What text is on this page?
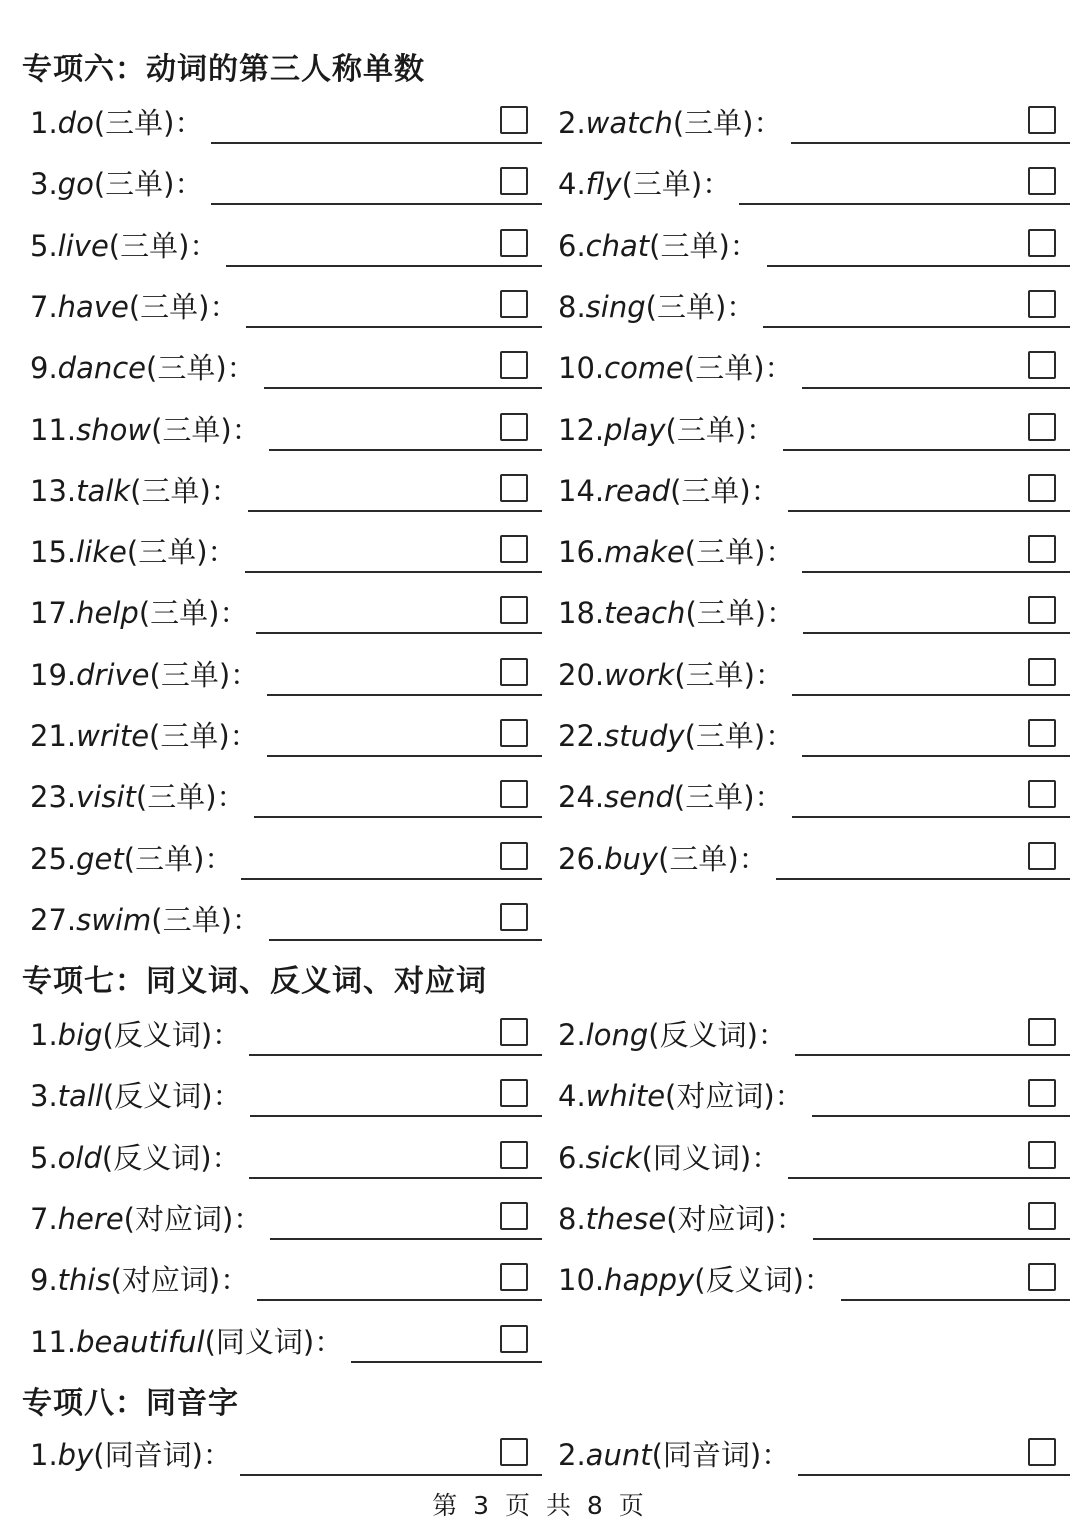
专项六：动词的第三人称单数
1.do(三单)：	2.watch(三单)：
3.go(三单)：	4.fly(三单)：
5.live(三单)：	6.chat(三单)：
7.have(三单)：	8.sing(三单)：
9.dance(三单)：	10.come(三单)：
11.show(三单)：	12.play(三单)：
13.talk(三单)：	14.read(三单)：
15.like(三单)：	16.make(三单)：
17.help(三单)：	18.teach(三单)：
19.drive(三单)：	20.work(三单)：
21.write(三单)：	22.study(三单)：
23.visit(三单)：	24.send(三单)：
25.get(三单)：	26.buy(三单)：
27.swim(三单)：
专项七：同义词、反义词、对应词
1.big(反义词)：	2.long(反义词)：
3.tall(反义词)：	4.white(对应词)：
5.old(反义词)：	6.sick(同义词)：
7.here(对应词)：	8.these(对应词)：
9.this(对应词)：	10.happy(反义词)：
11.beautiful(同义词)：
专项八：同音字
1.by(同音词)：	2.aunt(同音词)：
第 3 页 共 8 页
